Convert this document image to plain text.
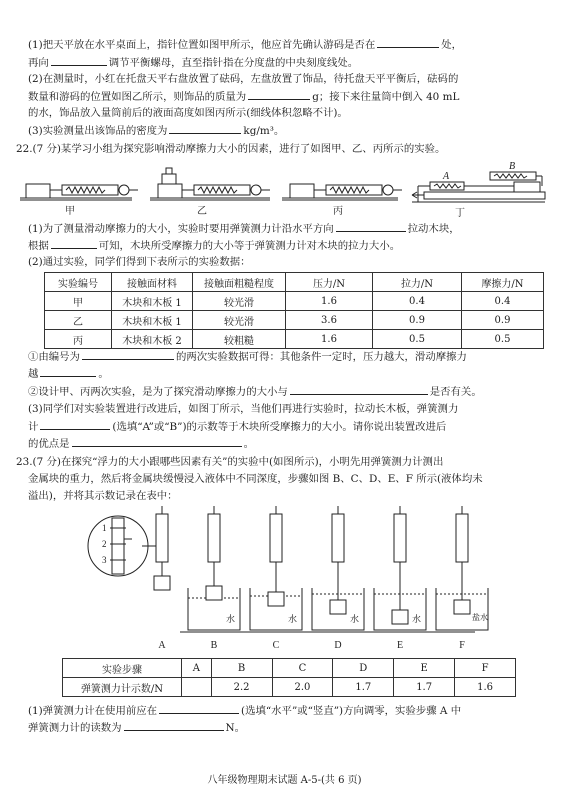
(1)把天平放在水平桌面上，指针位置如图甲所示，他应首先确认游码是否在	处，
再向	调节平衡螺母，直至指针指在分度盘的中央刻度线处。
(2)在测量时，小红在托盘天平右盘放置了砝码，左盘放置了饰品，待托盘天平平衡后，砝码的
数量和游码的位置如图乙所示，则饰品的质量为	g；接下来往量筒中倒入 40 mL
的水，饰品放入量筒前后的液面高度如图丙所示(细线体积忽略不计)。
(3)实验测量出该饰品的密度为	kg/m³。
22.(7 分)某学习小组为探究影响滑动摩擦力大小的因素，进行了如图甲、乙、丙所示的实验。
甲	乙	丙	丁
A
B
(1)为了测量滑动摩擦力的大小，实验时要用弹簧测力计沿水平方向	拉动木块，
根据	可知，木块所受摩擦力的大小等于弹簧测力计对木块的拉力大小。
(2)通过实验，同学们得到下表所示的实验数据：
实验编号	接触面材料	接触面粗糙程度	压力/N	拉力/N	摩擦力/N
甲	木块和木板 1	较光滑	1.6	0.4	0.4
乙	木块和木板 1	较光滑	3.6	0.9	0.9
丙	木块和木板 2	较粗糙	1.6	0.5	0.5
①由编号为	的两次实验数据可得：其他条件一定时，压力越大，滑动摩擦力
越	。
②设计甲、丙两次实验，是为了探究滑动摩擦力的大小与	是否有关。
(3)同学们对实验装置进行改进后，如图丁所示，当他们再进行实验时，拉动长木板，弹簧测力
计	(选填“A”或“B”)的示数等于木块所受摩擦力的大小。请你说出装置改进后
的优点是	。
23.(7 分)在探究“浮力的大小跟哪些因素有关”的实验中(如图所示)，小明先用弹簧测力计测出
金属块的重力，然后将金属块缓慢浸入液体中不同深度，步骤如图 B、C、D、E、F 所示(液体均未
溢出)，并将其示数记录在表中：
1
2
3
水	水	水	水	盐水
A	B	C	D	E	F
实验步骤	A	B	C	D	E	F
弹簧测力计示数/N		2.2	2.0	1.7	1.7	1.6
(1)弹簧测力计在使用前应在	(选填“水平”或“竖直”)方向调零，实验步骤 A 中
弹簧测力计的读数为	N。
八年级物理期末试题 A-5-(共 6 页)
